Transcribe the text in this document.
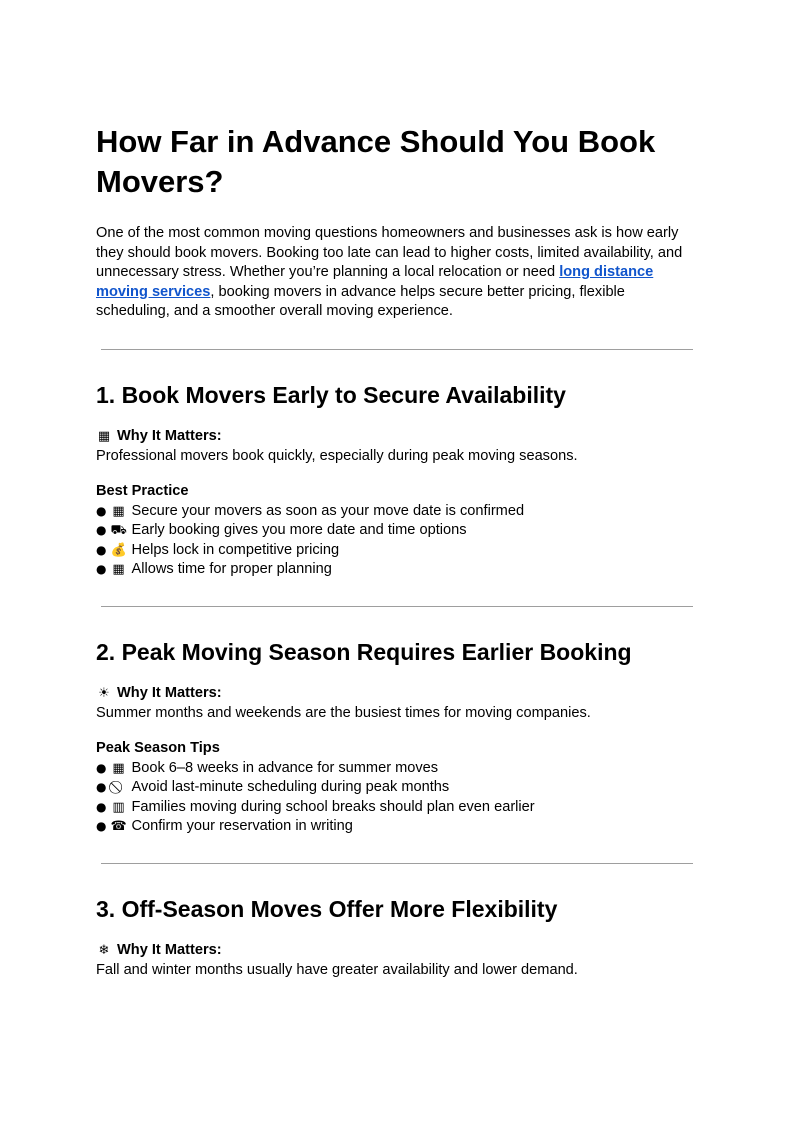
How Far in Advance Should You Book Movers?

One of the most common moving questions homeowners and businesses ask is how early they should book movers. Booking too late can lead to higher costs, limited availability, and unnecessary stress. Whether you’re planning a local relocation or need long distance moving services, booking movers in advance helps secure better pricing, flexible scheduling, and a smoother overall moving experience.

1. Book Movers Early to Secure Availability
▦ Why It Matters:
Professional movers book quickly, especially during peak moving seasons.
Best Practice
● ▦ Secure your movers as soon as your move date is confirmed
● ⛟ Early booking gives you more date and time options
● 💰 Helps lock in competitive pricing
● ▦ Allows time for proper planning
2. Peak Moving Season Requires Earlier Booking
☀ Why It Matters:
Summer months and weekends are the busiest times for moving companies.
Peak Season Tips
● ▦ Book 6–8 weeks in advance for summer moves
● Avoid last-minute scheduling during peak months
● ▥ Families moving during school breaks should plan even earlier
● ☎ Confirm your reservation in writing
3. Off-Season Moves Offer More Flexibility
❄ Why It Matters:
Fall and winter months usually have greater availability and lower demand.
